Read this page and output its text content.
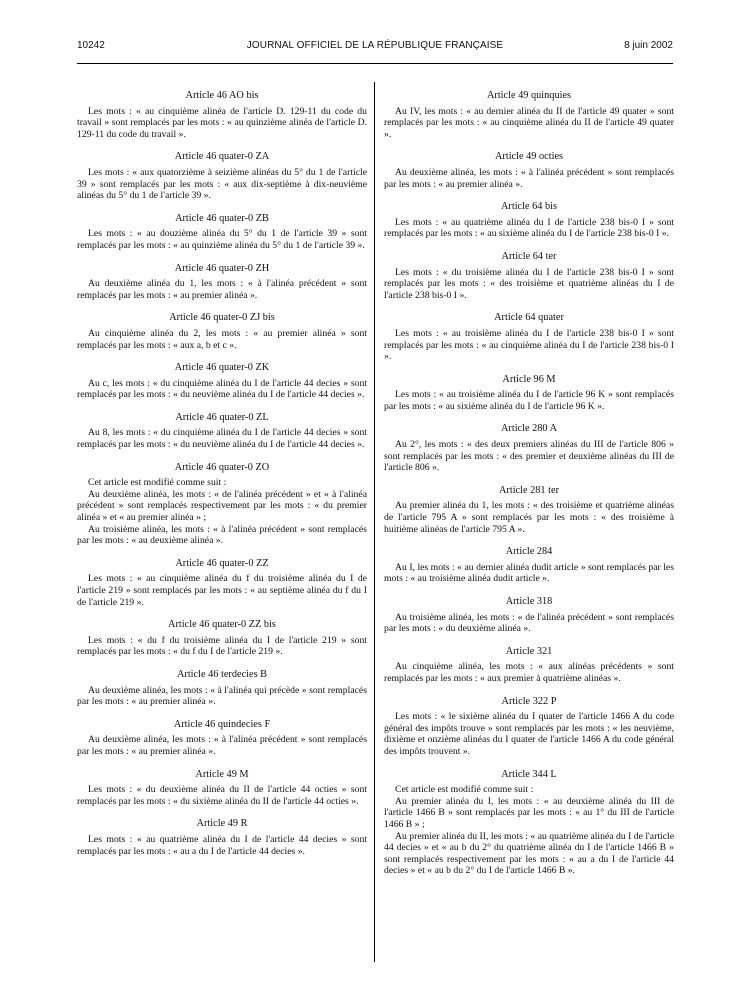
10242	JOURNAL OFFICIEL DE LA RÉPUBLIQUE FRANÇAISE	8 juin 2002
Article 46 AO bis

Les mots : « au cinquième alinéa de l'article D. 129-11 du code du travail » sont remplacés par les mots : « au quinzième alinéa de l'article D. 129-11 du code du travail ».

Article 46 quater-0 ZA

Les mots : « aux quatorzième à seizième alinéas du 5° du 1 de l'article 39 » sont remplacés par les mots : « aux dix-septième à dix-neuvième alinéas du 5° du 1 de l'article 39 ».

Article 46 quater-0 ZB

Les mots : « au douzième alinéa du 5° du 1 de l'article 39 » sont remplacés par les mots : « au quinzième alinéa du 5° du 1 de l'article 39 ».

Article 46 quater-0 ZH

Au deuxième alinéa du 1, les mots : « à l'alinéa précédent » sont remplacés par les mots : « au premier alinéa ».

Article 46 quater-0 ZJ bis

Au cinquième alinéa du 2, les mots : « au premier alinéa » sont remplacés par les mots : « aux a, b et c ».

Article 46 quater-0 ZK

Au c, les mots : « du cinquième alinéa du I de l'article 44 decies » sont remplacés par les mots : « du neuvième alinéa du I de l'article 44 decies ».

Article 46 quater-0 ZL

Au 8, les mots : « du cinquième alinéa du I de l'article 44 decies » sont remplacés par les mots : « du neuvième alinéa du I de l'article 44 decies ».

Article 46 quater-0 ZO

Cet article est modifié comme suit :

Au deuxième alinéa, les mots : « de l'alinéa précédent » et « à l'alinéa précédent » sont remplacés respectivement par les mots : « du premier alinéa » et « au premier alinéa » ;

Au troisième alinéa, les mots : « à l'alinéa précédent » sont remplacés par les mots : « au deuxième alinéa ».

Article 46 quater-0 ZZ

Les mots : « au cinquième alinéa du f du troisième alinéa du I de l'article 219 » sont remplacés par les mots : « au septième alinéa du f du I de l'article 219 ».

Article 46 quater-0 ZZ bis

Les mots : « du f du troisième alinéa du I de l'article 219 » sont remplacés par les mots : « du f du I de l'article 219 ».

Article 46 terdecies B

Au deuxième alinéa, les mots : « à l'alinéa qui précède » sont remplacés par les mots : « au premier alinéa ».

Article 46 quindecies F

Au deuxième alinéa, les mots : « à l'alinéa précédent » sont remplacés par les mots : « au premier alinéa ».

Article 49 M

Les mots : « du deuxième alinéa du II de l'article 44 octies » sont remplacés par les mots : « du sixième alinéa du II de l'article 44 octies ».

Article 49 R

Les mots : « au quatrième alinéa du I de l'article 44 decies » sont remplacés par les mots : « au a du I de l'article 44 decies ».

Article 49 quinquies

Au IV, les mots : « au dernier alinéa du II de l'article 49 quater » sont remplacés par les mots : « au cinquième alinéa du II de l'article 49 quater ».

Article 49 octies

Au deuxième alinéa, les mots : « à l'alinéa précédent » sont remplacés par les mots : « au premier alinéa ».

Article 64 bis

Les mots : « au quatrième alinéa du I de l'article 238 bis-0 I » sont remplacés par les mots : « au sixième alinéa du I de l'article 238 bis-0 I ».

Article 64 ter

Les mots : « du troisième alinéa du I de l'article 238 bis-0 I » sont remplacés par les mots : « des troisième et quatrième alinéas du I de l'article 238 bis-0 I ».

Article 64 quater

Les mots : « au troisième alinéa du I de l'article 238 bis-0 I » sont remplacés par les mots : « au cinquième alinéa du I de l'article 238 bis-0 I ».

Article 96 M

Les mots : « au troisième alinéa du I de l'article 96 K » sont remplacés par les mots : « au sixième alinéa du I de l'article 96 K ».

Article 280 A

Au 2°, les mots : « des deux premiers alinéas du III de l'article 806 » sont remplacés par les mots : « des premier et deuxième alinéas du III de l'article 806 ».

Article 281 ter

Au premier alinéa du 1, les mots : « des troisième et quatrième alinéas de l'article 795 A » sont remplacés par les mots : « des troisième à huitième alinéas de l'article 795 A ».

Article 284

Au I, les mots : « au dernier alinéa dudit article » sont remplacés par les mots : « au troisième alinéa dudit article ».

Article 318

Au troisième alinéa, les mots : « de l'alinéa précédent » sont remplacés par les mots : « du deuxième alinéa ».

Article 321

Au cinquième alinéa, les mots : « aux alinéas précédents » sont remplacés par les mots : « aux premier à quatrième alinéas ».

Article 322 P

Les mots : « le sixième alinéa du I quater de l'article 1466 A du code général des impôts trouve » sont remplacés par les mots : « les neuvième, dixième et onzième alinéas du I quater de l'article 1466 A du code général des impôts trouvent ».

Article 344 L

Cet article est modifié comme suit :

Au premier alinéa du I, les mots : « au deuxième alinéa du III de l'article 1466 B » sont remplacés par les mots : « au 1° du III de l'article 1466 B » ;

Au premier alinéa du II, les mots : « au quatrième alinéa du I de l'article 44 decies » et « au b du 2° du quatrième alinéa du I de l'article 1466 B » sont remplacés respectivement par les mots : « au a du I de l'article 44 decies » et « au b du 2° du I de l'article 1466 B ».
